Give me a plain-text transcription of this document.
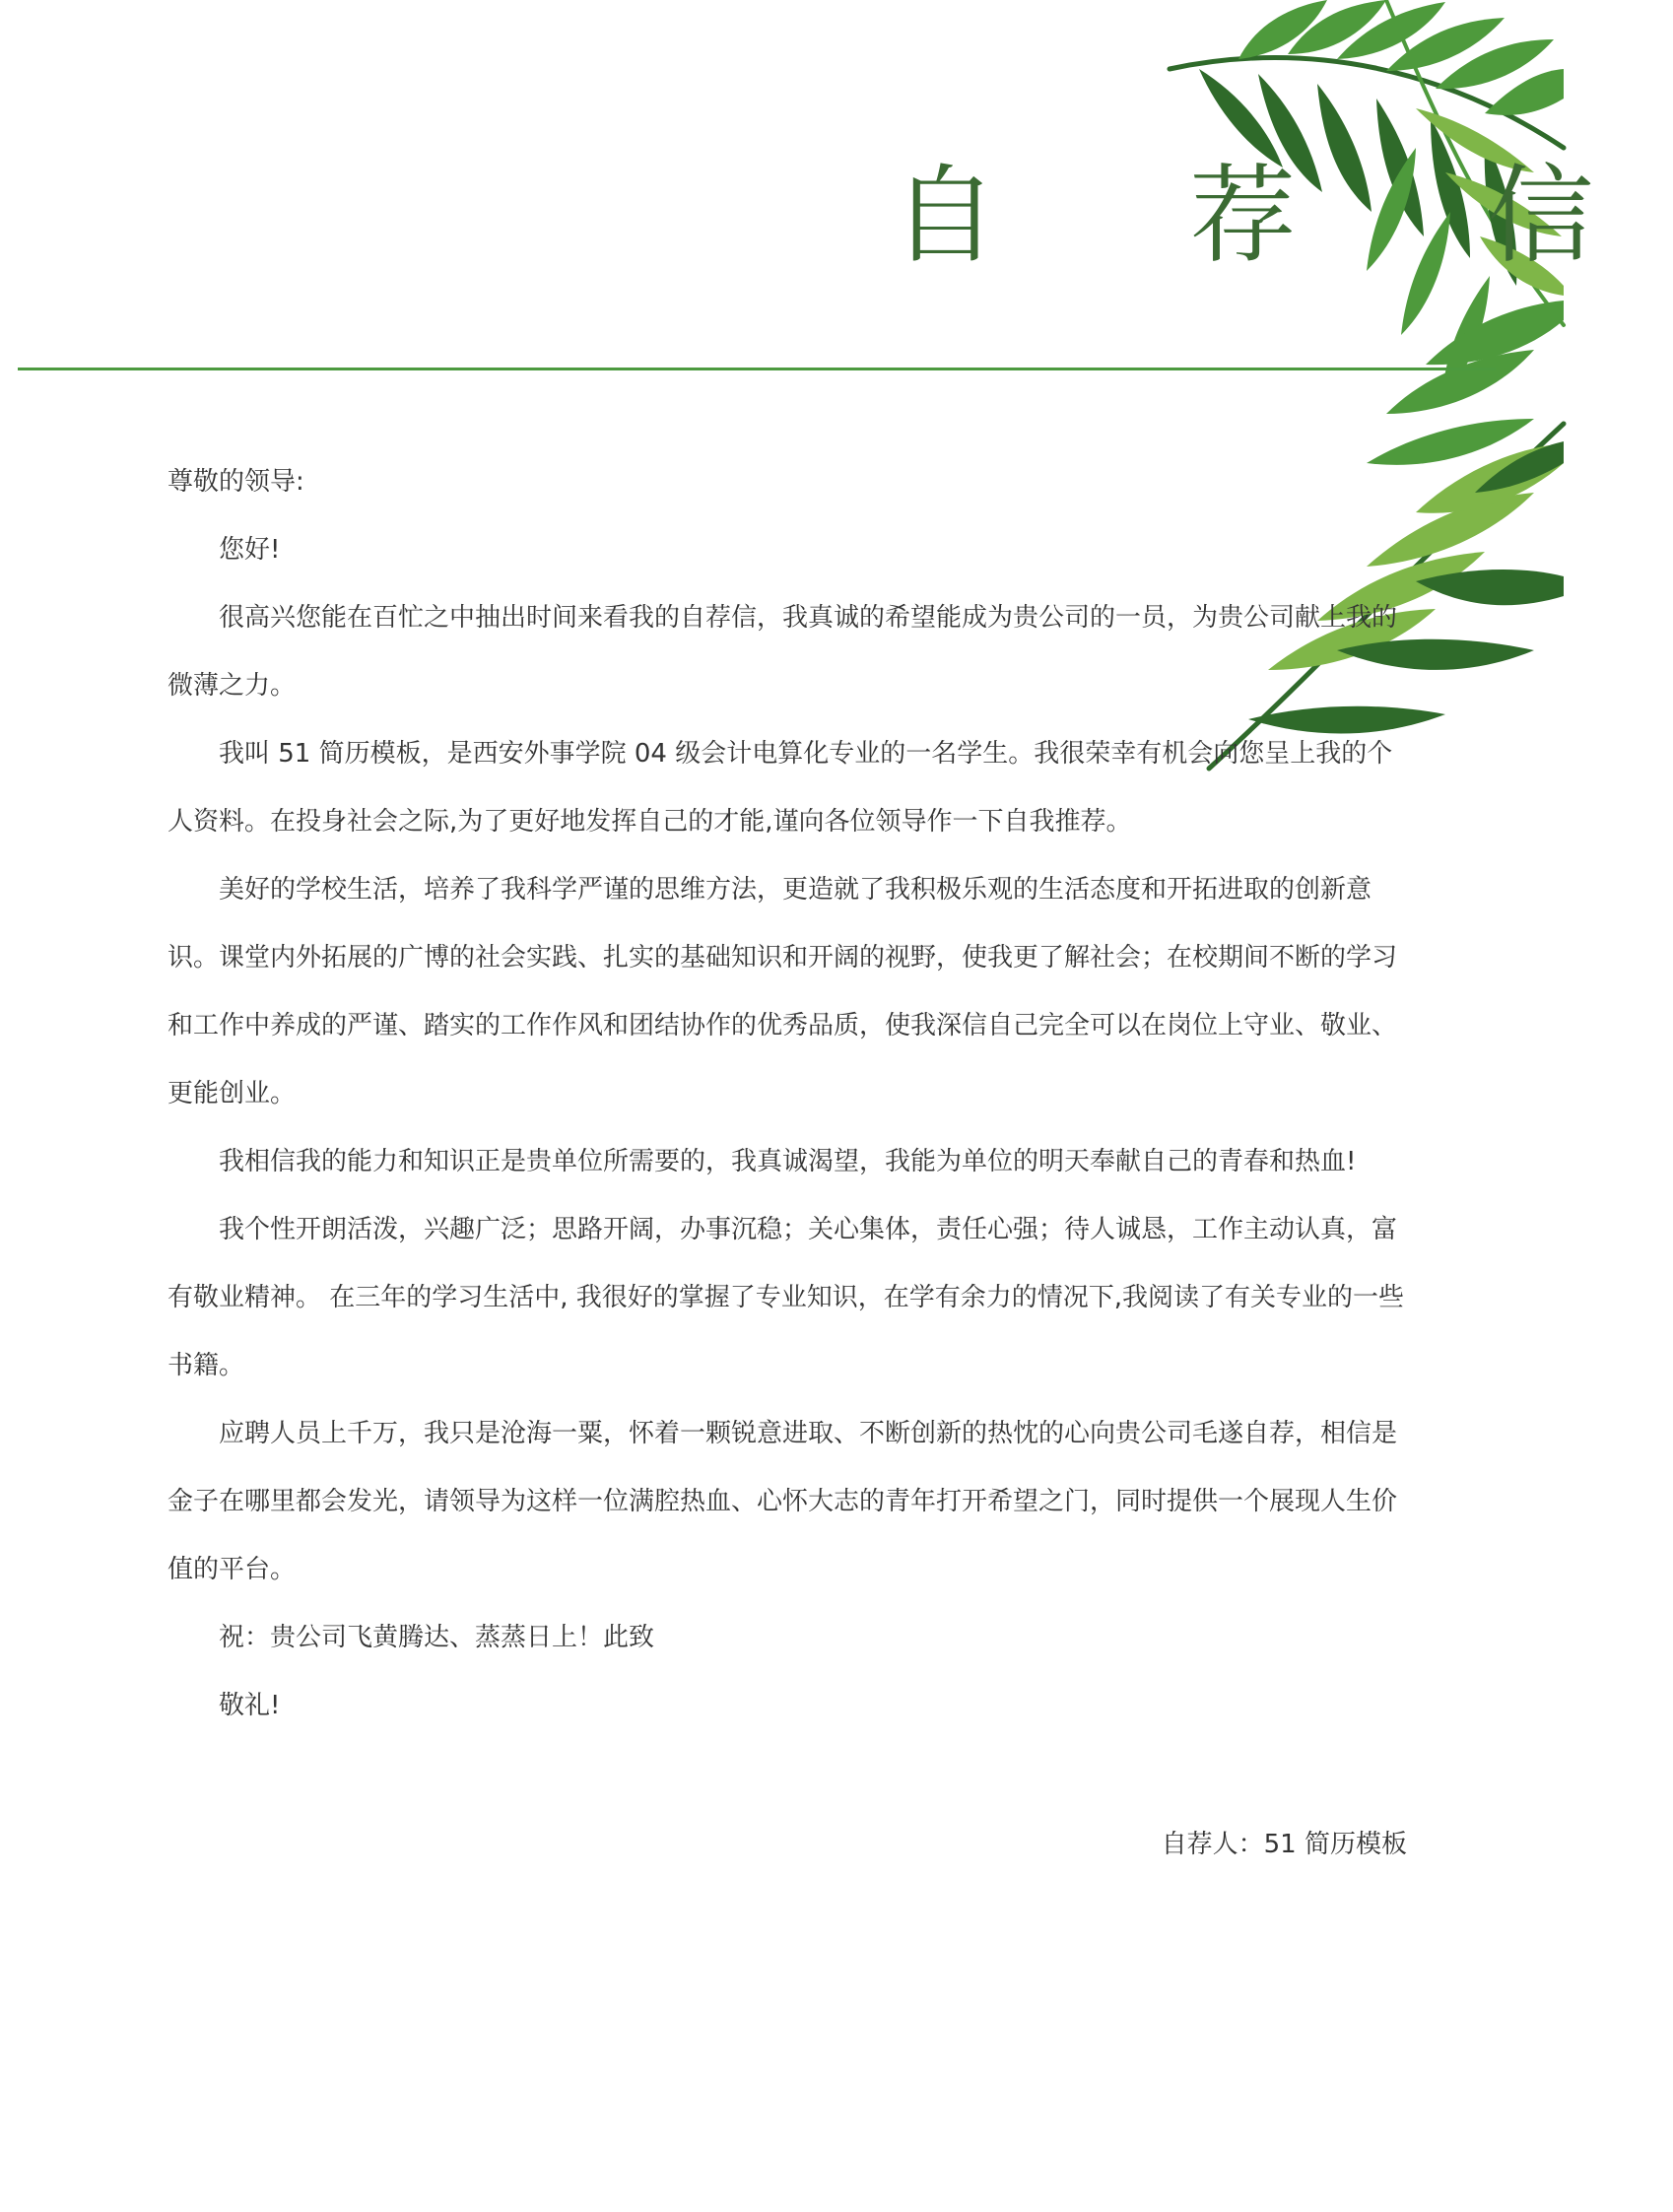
自 荐 信

尊敬的领导:

您好!

很高兴您能在百忙之中抽出时间来看我的自荐信，我真诚的希望能成为贵公司的一员，为贵公司献上我的微薄之力。

我叫 51 简历模板，是西安外事学院 04 级会计电算化专业的一名学生。我很荣幸有机会向您呈上我的个人资料。在投身社会之际,为了更好地发挥自己的才能,谨向各位领导作一下自我推荐。

美好的学校生活，培养了我科学严谨的思维方法，更造就了我积极乐观的生活态度和开拓进取的创新意识。课堂内外拓展的广博的社会实践、扎实的基础知识和开阔的视野，使我更了解社会；在校期间不断的学习和工作中养成的严谨、踏实的工作作风和团结协作的优秀品质，使我深信自己完全可以在岗位上守业、敬业、更能创业。

我相信我的能力和知识正是贵单位所需要的，我真诚渴望，我能为单位的明天奉献自己的青春和热血!

我个性开朗活泼，兴趣广泛；思路开阔，办事沉稳；关心集体，责任心强；待人诚恳，工作主动认真，富有敬业精神。 在三年的学习生活中, 我很好的掌握了专业知识，在学有余力的情况下,我阅读了有关专业的一些书籍。

应聘人员上千万，我只是沧海一粟，怀着一颗锐意进取、不断创新的热忱的心向贵公司毛遂自荐，相信是金子在哪里都会发光，请领导为这样一位满腔热血、心怀大志的青年打开希望之门，同时提供一个展现人生价值的平台。

祝：贵公司飞黄腾达、蒸蒸日上！此致

敬礼!

自荐人：51 简历模板
